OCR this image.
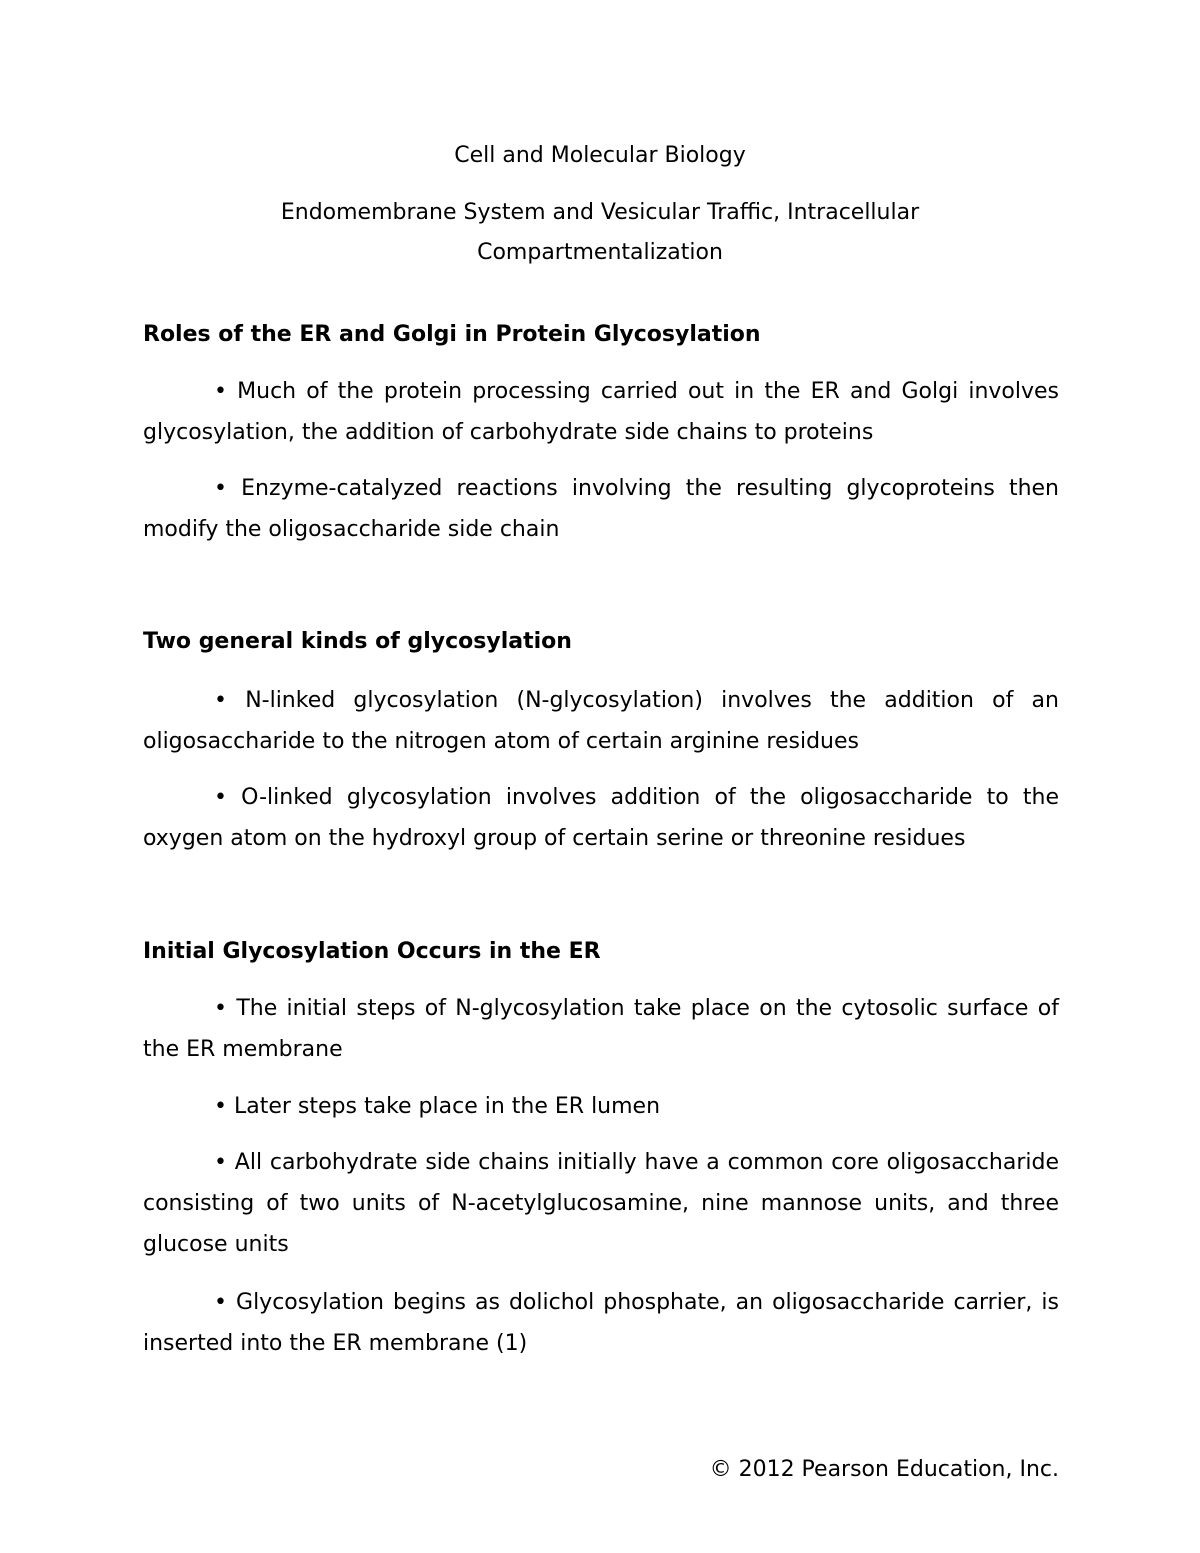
Cell and Molecular Biology

Endomembrane System and Vesicular Traffic, Intracellular Compartmentalization

Roles of the ER and Golgi in Protein Glycosylation

• Much of the protein processing carried out in the ER and Golgi involves glycosylation, the addition of carbohydrate side chains to proteins

• Enzyme-catalyzed reactions involving the resulting glycoproteins then modify the oligosaccharide side chain

Two general kinds of glycosylation

• N-linked glycosylation (N-glycosylation) involves the addition of an oligosaccharide to the nitrogen atom of certain arginine residues

• O-linked glycosylation involves addition of the oligosaccharide to the oxygen atom on the hydroxyl group of certain serine or threonine residues

Initial Glycosylation Occurs in the ER

• The initial steps of N-glycosylation take place on the cytosolic surface of the ER membrane

• Later steps take place in the ER lumen

• All carbohydrate side chains initially have a common core oligosaccharide consisting of two units of N-acetylglucosamine, nine mannose units, and three glucose units

• Glycosylation begins as dolichol phosphate, an oligosaccharide carrier, is inserted into the ER membrane (1)

© 2012 Pearson Education, Inc.
